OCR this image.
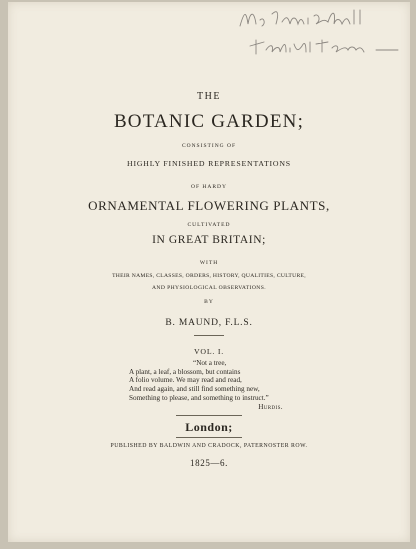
THE
BOTANIC GARDEN;
CONSISTING OF
HIGHLY FINISHED REPRESENTATIONS
OF HARDY
ORNAMENTAL FLOWERING PLANTS,
CULTIVATED
IN GREAT BRITAIN;
WITH
THEIR NAMES, CLASSES, ORDERS, HISTORY, QUALITIES, CULTURE,
AND PHYSIOLOGICAL OBSERVATIONS.
BY
B. MAUND, F.L.S.
VOL. I.
“Not a tree,
A plant, a leaf, a blossom, but contains
A folio volume. We may read and read,
And read again, and still find something new,
Something to please, and something to instruct.”
Hurdis.
London;
PUBLISHED BY BALDWIN AND CRADOCK, PATERNOSTER ROW.
1825—6.
